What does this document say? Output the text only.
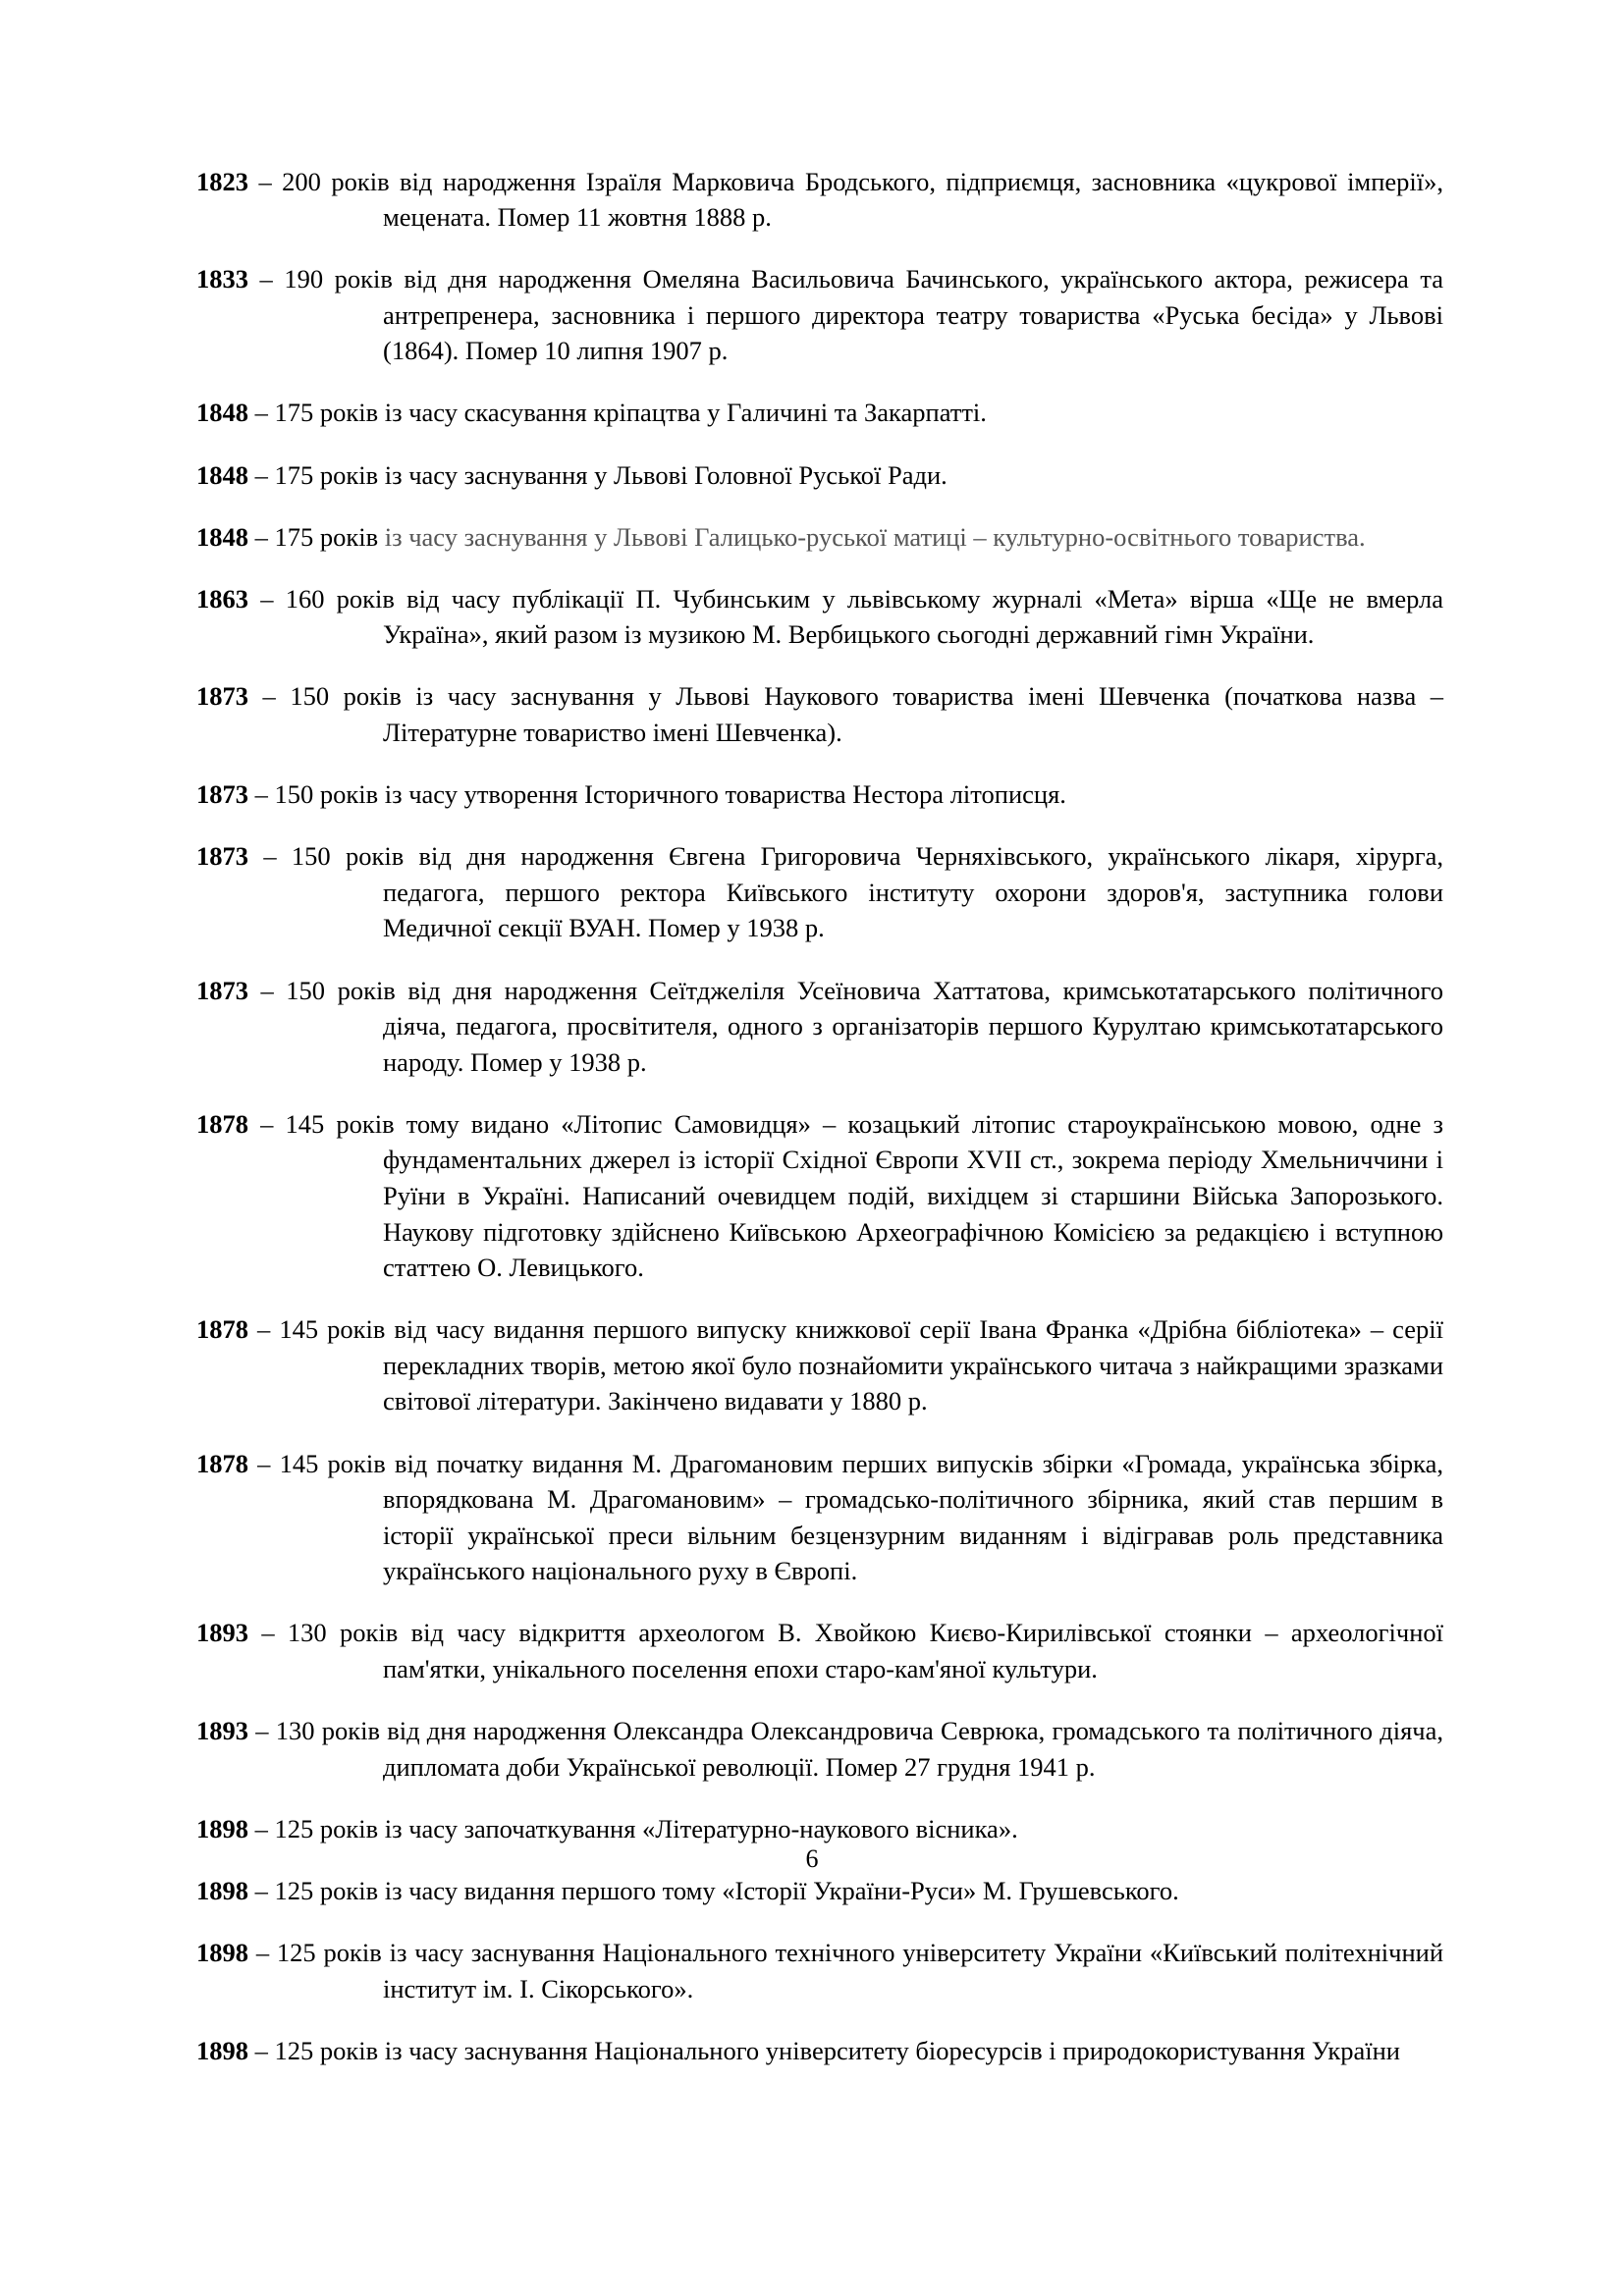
1823 – 200 років від народження Ізраїля Марковича Бродського, підприємця, засновника «цукрової імперії», мецената. Помер 11 жовтня 1888 р.

1833 – 190 років від дня народження Омеляна Васильовича Бачинського, українського актора, режисера та антрепренера, засновника і першого директора театру товариства «Руська бесіда» у Львові (1864). Помер 10 липня 1907 р.

1848 – 175 років із часу скасування кріпацтва у Галичині та Закарпатті.

1848 – 175 років із часу заснування у Львові Головної Руської Ради.

1848 – 175 років із часу заснування у Львові Галицько-руської матиці – культурно-освітнього товариства.

1863 – 160 років від часу публікації П. Чубинським у львівському журналі «Мета» вірша «Ще не вмерла Україна», який разом із музикою М. Вербицького сьогодні державний гімн України.

1873 – 150 років із часу заснування у Львові Наукового товариства імені Шевченка (початкова назва – Літературне товариство імені Шевченка).

1873 – 150 років із часу утворення Історичного товариства Нестора літописця.

1873 – 150 років від дня народження Євгена Григоровича Черняхівського, українського лікаря, хірурга, педагога, першого ректора Київського інституту охорони здоров'я, заступника голови Медичної секції ВУАН. Помер у 1938 р.

1873 – 150 років від дня народження Сеїтджеліля Усеїновича Хаттатова, кримськотатарського політичного діяча, педагога, просвітителя, одного з організаторів першого Курултаю кримськотатарського народу. Помер у 1938 р.

1878 – 145 років тому видано «Літопис Самовидця» – козацький літопис староукраїнською мовою, одне з фундаментальних джерел із історії Східної Європи XVII ст., зокрема періоду Хмельниччини і Руїни в Україні. Написаний очевидцем подій, вихідцем зі старшини Війська Запорозького. Наукову підготовку здійснено Київською Археографічною Комісією за редакцією і вступною статтею О. Левицького.

1878 – 145 років від часу видання першого випуску книжкової серії Івана Франка «Дрібна бібліотека» – серії перекладних творів, метою якої було познайомити українського читача з найкращими зразками світової літератури. Закінчено видавати у 1880 р.

1878 – 145 років від початку видання М. Драгомановим перших випусків збірки «Громада, українська збірка, впорядкована М. Драгомановим» – громадсько-політичного збірника, який став першим в історії української преси вільним безцензурним виданням і відігравав роль представника українського національного руху в Європі.

1893 – 130 років від часу відкриття археологом В. Хвойкою Києво-Кирилівської стоянки – археологічної пам'ятки, унікального поселення епохи старо-кам'яної культури.

1893 – 130 років від дня народження Олександра Олександровича Севрюка, громадського та політичного діяча, дипломата доби Української революції. Помер 27 грудня 1941 р.

1898 – 125 років із часу започаткування «Літературно-наукового вісника».

1898 – 125 років із часу видання першого тому «Історії України-Руси» М. Грушевського.

1898 – 125 років із часу заснування Національного технічного університету України «Київський політехнічний інститут ім. І. Сікорського».

1898 – 125 років із часу заснування Національного університету біоресурсів і природокористування України

6
